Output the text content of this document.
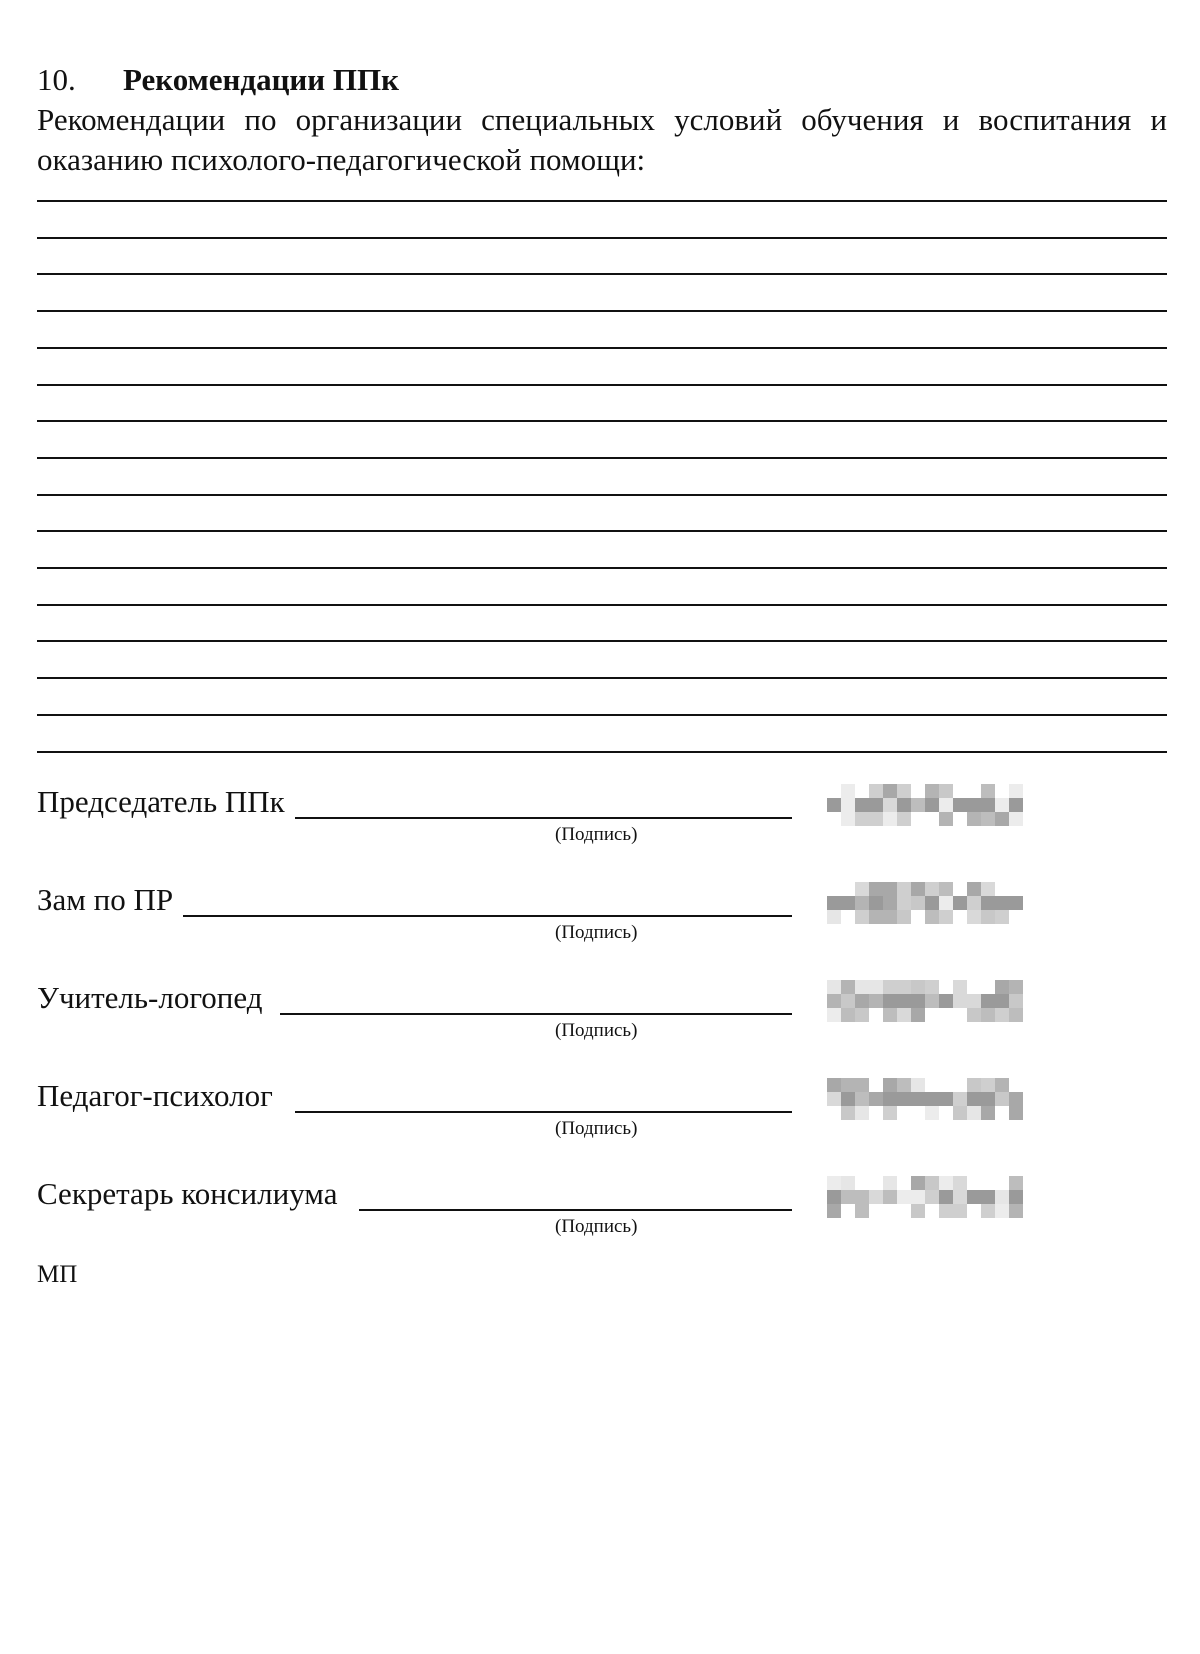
10. Рекомендации ППк
Рекомендации по организации специальных условий обучения и воспитания и оказанию психолого-педагогической помощи:
Председатель ППк
(Подпись)
Зам по ПР
(Подпись)
Учитель-логопед
(Подпись)
Педагог-психолог
(Подпись)
Секретарь консилиума
(Подпись)
МП
